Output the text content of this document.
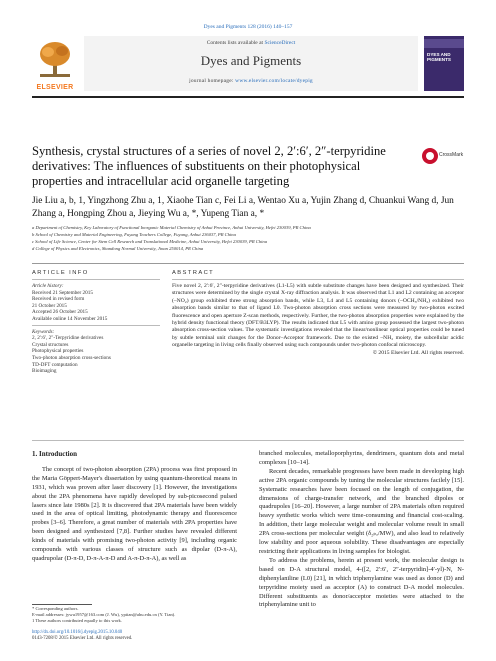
Dyes and Pigments 128 (2016) 140–157
ELSEVIER
Contents lists available at ScienceDirect
Dyes and Pigments
journal homepage: www.elsevier.com/locate/dyepig
DYES AND PIGMENTS
Synthesis, crystal structures of a series of novel 2, 2′:6′, 2″-terpyridine derivatives: The influences of substituents on their photophysical properties and intracellular acid organelle targeting
CrossMark
Jie Liu a, b, 1, Yingzhong Zhu a, 1, Xiaohe Tian c, Fei Li a, Wentao Xu a, Yujin Zhang d, Chuankui Wang d, Jun Zhang a, Hongping Zhou a, Jieying Wu a, *, Yupeng Tian a, *
a Department of Chemistry, Key Laboratory of Functional Inorganic Material Chemistry of Anhui Province, Anhui University, Hefei 230039, PR China
b School of Chemistry and Material Engineering, Fuyang Teachers College, Fuyang, Anhui 236037, PR China
c School of Life Science, Center for Stem Cell Research and Translational Medicine, Anhui University, Hefei 230039, PR China
d College of Physics and Electronics, Shandong Normal University, Jinan 250014, PR China
ARTICLE INFO	ABSTRACT
Article history:
Received 21 September 2015
Received in revised form
21 October 2015
Accepted 26 October 2015
Available online 14 November 2015
Keywords:
2, 2′:6′, 2″-Terpyridine derivatives
Crystal structures
Photophysical properties
Two-photon absorption cross-sections
TD-DFT computation
Bioimaging
Five novel 2, 2′:6′, 2″-terpyridine derivatives (L1-L5) with subtle substitute changes have been designed and synthesized. Their structures were determined by the single crystal X-ray diffraction analysis. It was observed that L1 and L2 containing an acceptor (–NO₂) group exhibited three strong absorption bands, while L3, L4 and L5 containing donors (–OCH₃/NH₂) exhibited two absorption bands similar to that of ligand L0. Two-photon absorption cross sections were measured by two-photon excited fluorescence and open aperture Z-scan methods, respectively. Further, the two-photon absorption properties were explained by the hybrid density functional theory (DFT/B3LYP). The results indicated that L5 with amino group possessed the largest two-photon absorption cross-section values. The systematic investigations revealed that the linear/nonlinear optical properties could be tuned by subtle terminal unit changes for the Donor–Acceptor framework. Due to the existed –NH₂ moiety, the subcellular acidic organelle targeting in living cells finally observed using such compounds under two-photon confocal microscopy.
© 2015 Elsevier Ltd. All rights reserved.
1. Introduction

The concept of two-photon absorption (2PA) process was first proposed in the Maria Göppert-Mayer's dissertation by using quantum-theoretical means in 1931, which was proven after laser discovery [1]. However, the investigations about the 2PA phenomena have rapidly developed by sub-picosecond pulsed lasers since late 1980s [2]. It is discovered that 2PA materials have been widely used in the area of optical limiting, photodynamic therapy and fluorescence probes [3–6]. Therefore, a great number of materials with 2PA properties have been designed and synthesized [7,8]. Further studies have revealed different kinds of materials with promising two-photon activity [9], including organic compounds with various classes of structure such as dipolar (D-π-A), quadrupolar (D-π-D, D-π-A-π-D and A-π-D-π-A), as well as

branched molecules, metalloporphyrins, dendrimers, quantum dots and metal complexes [10–14].

Recent decades, remarkable progresses have been made in developing high active 2PA organic compounds by tuning the molecular structures facilely [15]. Systematic researches have been focused on the length of conjugation, the dimensions of charge-transfer network, and the branched dipoles or quadrupoles [16–20]. However, a large number of 2PA materials often required heavy synthetic works which were time-consuming and financial cost-scaling. In addition, their large molecular weight and molecular volume result in small 2PA cross-sections per molecular weight (δ₂ₚₐ/MW), and also lead to relatively low stability and poor aqueous solubility. These disadvantages are especially restricting their applications in living samples for biologist.

To address the problems, herein at present work, the molecular design is based on D-A structural model, 4-([2, 2′:6′, 2″-terpyridin]-4′-yl)-N, N-diphenylaniline (L0) [21], in which triphenylamine was used as donor (D) and terpyridine moiety used as acceptor (A) to construct D-A model molecules. Different substituents as donor/acceptor moieties were attached to the triphenylamine unit to

* Corresponding authors.
E-mail addresses: jywu1957@163.com (J. Wu), yptian@ahu.edu.cn (Y. Tian).
1 These authors contributed equally to this work.
http://dx.doi.org/10.1016/j.dyepig.2015.10.040
0143-7208/© 2015 Elsevier Ltd. All rights reserved.
